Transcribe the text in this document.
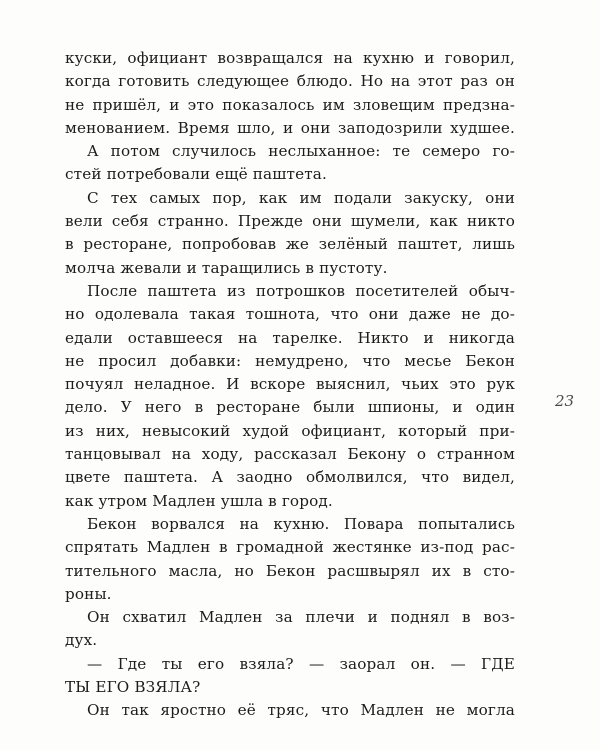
куски, официант возвращался на кухню и говорил,
когда готовить следующее блюдо. Но на этот раз он
не пришёл, и это показалось им зловещим предзна-
менованием. Время шло, и они заподозрили худшее.
А потом случилось неслыханное: те семеро го-
стей потребовали ещё паштета.
С тех самых пор, как им подали закуску, они
вели себя странно. Прежде они шумели, как никто
в ресторане, попробовав же зелёный паштет, лишь
молча жевали и таращились в пустоту.
После паштета из потрошков посетителей обыч-
но одолевала такая тошнота, что они даже не до-
едали оставшееся на тарелке. Никто и никогда
не просил добавки: немудрено, что месье Бекон
почуял неладное. И вскоре выяснил, чьих это рук
дело. У него в ресторане были шпионы, и один
из них, невысокий худой официант, который при-
танцовывал на ходу, рассказал Бекону о странном
цвете паштета. А заодно обмолвился, что видел,
как утром Мадлен ушла в город.
Бекон ворвался на кухню. Повара попытались
спрятать Мадлен в громадной жестянке из-под рас-
тительного масла, но Бекон расшвырял их в сто-
роны.
Он схватил Мадлен за плечи и поднял в воз-
дух.
— Где ты его взяла? — заорал он. — ГДЕ
ТЫ ЕГО ВЗЯЛА?
Он так яростно её тряс, что Мадлен не могла
23
